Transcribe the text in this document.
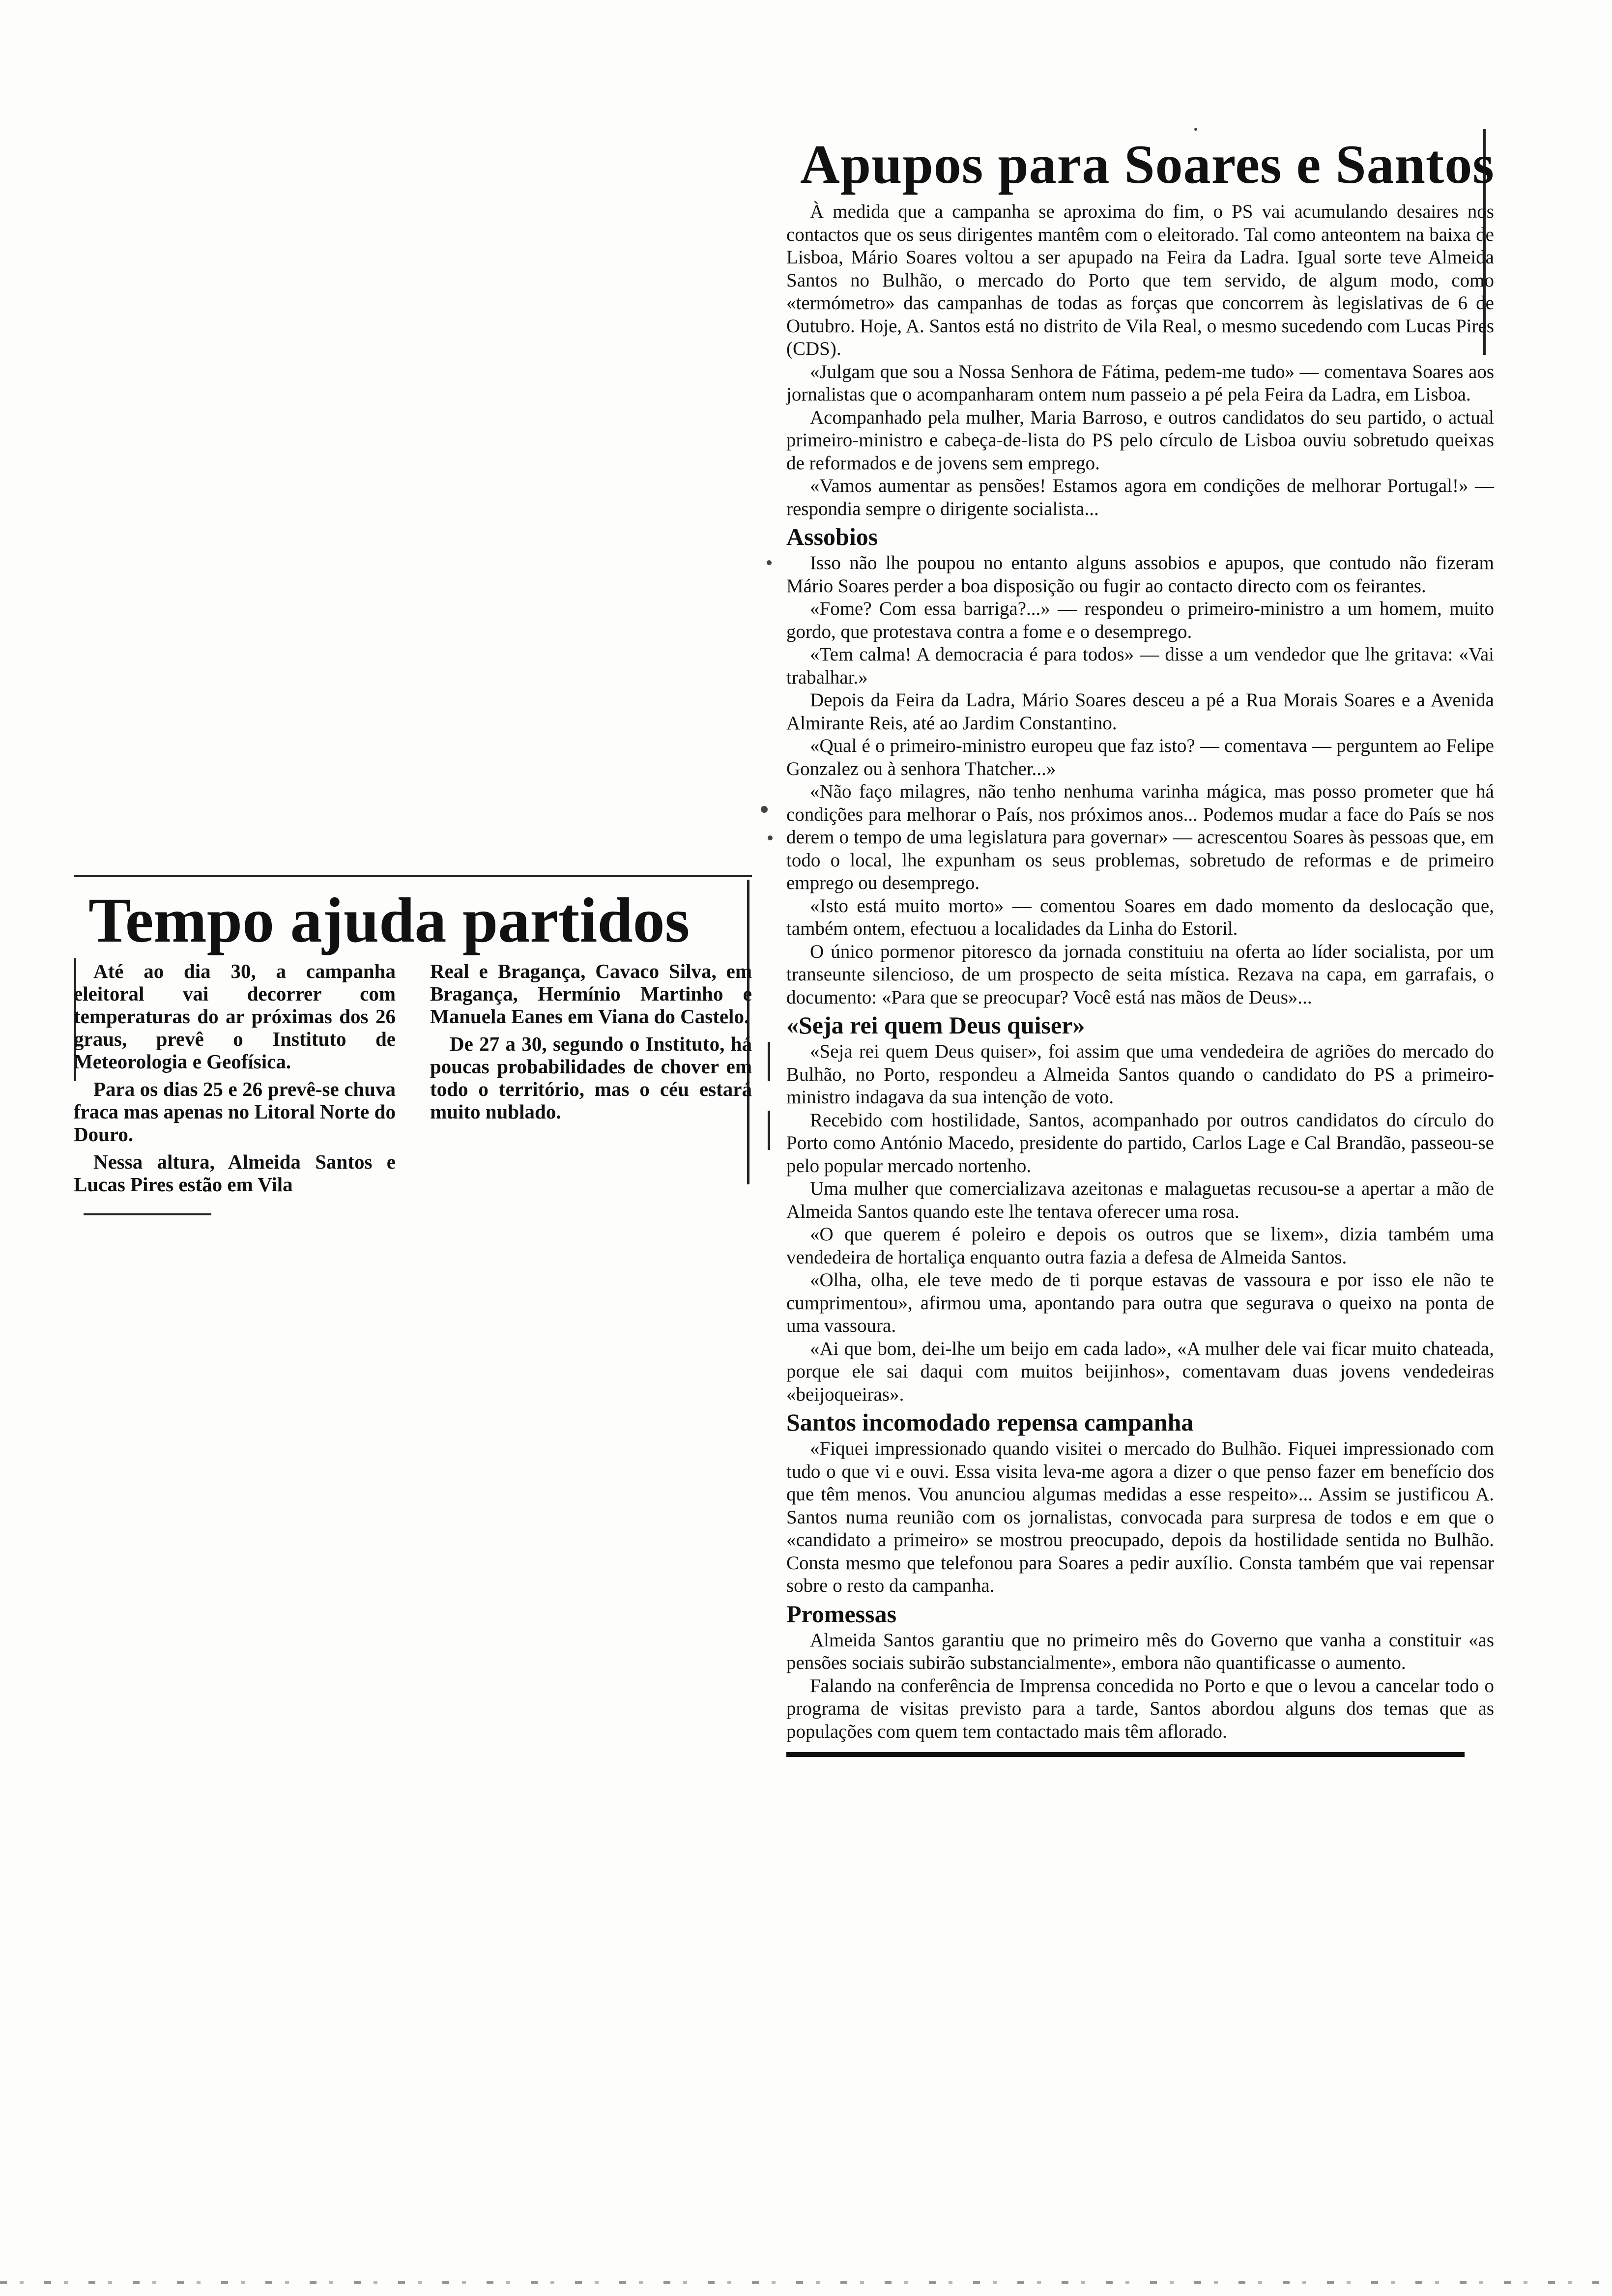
Apupos para Soares e Santos

À medida que a campanha se aproxima do fim, o PS vai acumulando desaires nos contactos que os seus dirigentes mantêm com o eleitorado. Tal como anteontem na baixa de Lisboa, Mário Soares voltou a ser apupado na Feira da Ladra. Igual sorte teve Almeida Santos no Bulhão, o mercado do Porto que tem servido, de algum modo, como «termómetro» das campanhas de todas as forças que concorrem às legislativas de 6 de Outubro. Hoje, A. Santos está no distrito de Vila Real, o mesmo sucedendo com Lucas Pires (CDS).

«Julgam que sou a Nossa Senhora de Fátima, pedem-me tudo» — comentava Soares aos jornalistas que o acompanharam ontem num passeio a pé pela Feira da Ladra, em Lisboa.

Acompanhado pela mulher, Maria Barroso, e outros candidatos do seu partido, o actual primeiro-ministro e cabeça-de-lista do PS pelo círculo de Lisboa ouviu sobretudo queixas de reformados e de jovens sem emprego.

«Vamos aumentar as pensões! Estamos agora em condições de melhorar Portugal!» — respondia sempre o dirigente socialista...

Assobios

Isso não lhe poupou no entanto alguns assobios e apupos, que contudo não fizeram Mário Soares perder a boa disposição ou fugir ao contacto directo com os feirantes.

«Fome? Com essa barriga?...» — respondeu o primeiro-ministro a um homem, muito gordo, que protestava contra a fome e o desemprego.

«Tem calma! A democracia é para todos» — disse a um vendedor que lhe gritava: «Vai trabalhar.»

Depois da Feira da Ladra, Mário Soares desceu a pé a Rua Morais Soares e a Avenida Almirante Reis, até ao Jardim Constantino.

«Qual é o primeiro-ministro europeu que faz isto? — comentava — perguntem ao Felipe Gonzalez ou à senhora Thatcher...»

«Não faço milagres, não tenho nenhuma varinha mágica, mas posso prometer que há condições para melhorar o País, nos próximos anos... Podemos mudar a face do País se nos derem o tempo de uma legislatura para governar» — acrescentou Soares às pessoas que, em todo o local, lhe expunham os seus problemas, sobretudo de reformas e de primeiro emprego ou desemprego.

«Isto está muito morto» — comentou Soares em dado momento da deslocação que, também ontem, efectuou a localidades da Linha do Estoril.

O único pormenor pitoresco da jornada constituiu na oferta ao líder socialista, por um transeunte silencioso, de um prospecto de seita mística. Rezava na capa, em garrafais, o documento: «Para que se preocupar? Você está nas mãos de Deus»...

«Seja rei quem Deus quiser»

«Seja rei quem Deus quiser», foi assim que uma vendedeira de agriões do mercado do Bulhão, no Porto, respondeu a Almeida Santos quando o candidato do PS a primeiro-ministro indagava da sua intenção de voto.

Recebido com hostilidade, Santos, acompanhado por outros candidatos do círculo do Porto como António Macedo, presidente do partido, Carlos Lage e Cal Brandão, passeou-se pelo popular mercado nortenho.

Uma mulher que comercializava azeitonas e malaguetas recusou-se a apertar a mão de Almeida Santos quando este lhe tentava oferecer uma rosa.

«O que querem é poleiro e depois os outros que se lixem», dizia também uma vendedeira de hortaliça enquanto outra fazia a defesa de Almeida Santos.

«Olha, olha, ele teve medo de ti porque estavas de vassoura e por isso ele não te cumprimentou», afirmou uma, apontando para outra que segurava o queixo na ponta de uma vassoura.

«Ai que bom, dei-lhe um beijo em cada lado», «A mulher dele vai ficar muito chateada, porque ele sai daqui com muitos beijinhos», comentavam duas jovens vendedeiras «beijoqueiras».

Santos incomodado repensa campanha

«Fiquei impressionado quando visitei o mercado do Bulhão. Fiquei impressionado com tudo o que vi e ouvi. Essa visita leva-me agora a dizer o que penso fazer em benefício dos que têm menos. Vou anunciou algumas medidas a esse respeito»... Assim se justificou A. Santos numa reunião com os jornalistas, convocada para surpresa de todos e em que o «candidato a primeiro» se mostrou preocupado, depois da hostilidade sentida no Bulhão. Consta mesmo que telefonou para Soares a pedir auxílio. Consta também que vai repensar sobre o resto da campanha.

Promessas

Almeida Santos garantiu que no primeiro mês do Governo que vanha a constituir «as pensões sociais subirão substancialmente», embora não quantificasse o aumento.

Falando na conferência de Imprensa concedida no Porto e que o levou a cancelar todo o programa de visitas previsto para a tarde, Santos abordou alguns dos temas que as populações com quem tem contactado mais têm aflorado.

Tempo ajuda partidos

Até ao dia 30, a campanha eleitoral vai decorrer com temperaturas do ar próximas dos 26 graus, prevê o Instituto de Meteorologia e Geofísica.

Para os dias 25 e 26 prevê-se chuva fraca mas apenas no Litoral Norte do Douro.

Nessa altura, Almeida Santos e Lucas Pires estão em Vila

Real e Bragança, Cavaco Silva, em Bragança, Hermínio Martinho e Manuela Eanes em Viana do Castelo.

De 27 a 30, segundo o Instituto, há poucas probabilidades de chover em todo o território, mas o céu estará muito nublado.
